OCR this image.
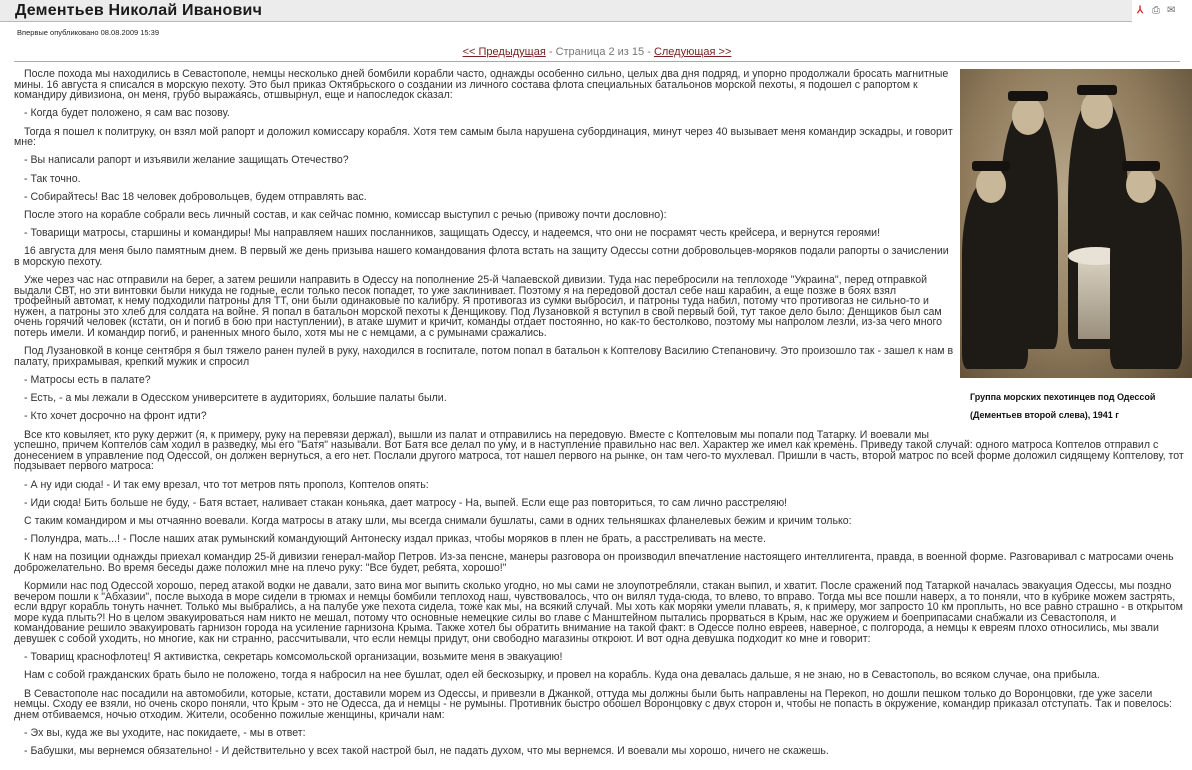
Дементьев Николай Иванович	⅄ ⎙ ✉
Впервые опубликовано 08.08.2009 15:39
<< Предыдущая - Страница 2 из 15 - Следующая >>
Группа морских пехотинцев под Одессой
(Дементьев второй слева), 1941 г

После похода мы находились в Севастополе, немцы несколько дней бомбили корабли часто, однажды особенно сильно, целых два дня подряд, и упорно продолжали бросать магнитные мины. 16 августа я списался в морскую пехоту. Это был приказ Октябрьского о создании из личного состава флота специальных батальонов морской пехоты, я подошел с рапортом к командиру дивизиона, он меня, грубо выражаясь, отшвырнул, еще и напоследок сказал:

- Когда будет положено, я сам вас позову.

Тогда я пошел к политруку, он взял мой рапорт и доложил комиссару корабля. Хотя тем самым была нарушена субординация, минут через 40 вызывает меня командир эскадры, и говорит мне:

- Вы написали рапорт и изъявили желание защищать Отечество?

- Так точно.

- Собирайтесь! Вас 18 человек добровольцев, будем отправлять вас.

После этого на корабле собрали весь личный состав, и как сейчас помню, комиссар выступил с речью (привожу почти дословно):

- Товарищи матросы, старшины и командиры! Мы направляем наших посланников, защищать Одессу, и надеемся, что они не посрамят честь крейсера, и вернутся героями!

16 августа для меня было памятным днем. В первый же день призыва нашего командования флота встать на защиту Одессы сотни добровольцев-моряков подали рапорты о зачислении в морскую пехоту.

Уже через час нас отправили на берег, а затем решили направить в Одессу на пополнение 25-й Чапаевской дивизии. Туда нас перебросили на теплоходе "Украина", перед отправкой выдали СВТ, но эти винтовки были никуда не годные, если только песок попадет, то уже заклинивает. Поэтому я на передовой достал себе наш карабин, а еще позже в боях взял трофейный автомат, к нему подходили патроны для ТТ, они были одинаковые по калибру. Я противогаз из сумки выбросил, и патроны туда набил, потому что противогаз не сильно-то и нужен, а патроны это хлеб для солдата на войне. Я попал в батальон морской пехоты к Денщикову. Под Лузановкой я вступил в свой первый бой, тут такое дело было: Денщиков был сам очень горячий человек (кстати, он и погиб в бою при наступлении), в атаке шумит и кричит, команды отдает постоянно, но как-то бестолково, поэтому мы напролом лезли, из-за чего много потерь имели. И командир погиб, и раненных много было, хотя мы не с немцами, а с румынами сражались.

Под Лузановкой в конце сентября я был тяжело ранен пулей в руку, находился в госпитале, потом попал в батальон к Коптелову Василию Степановичу. Это произошло так - зашел к нам в палату, прихрамывая, крепкий мужик и спросил

- Матросы есть в палате?

- Есть, - а мы лежали в Одесском университете в аудиториях, большие палаты были.

- Кто хочет досрочно на фронт идти?

Все кто ковыляет, кто руку держит (я, к примеру, руку на перевязи держал), вышли из палат и отправились на передовую. Вместе с Коптеловым мы попали под Татарку. И воевали мы успешно, причем Коптелов сам ходил в разведку, мы его "Батя" называли. Вот Батя все делал по уму, и в наступление правильно нас вел. Характер же имел как кремень. Приведу такой случай: одного матроса Коптелов отправил с донесением в управление под Одессой, он должен вернуться, а его нет. Послали другого матроса, тот нашел первого на рынке, он там чего-то мухлевал. Пришли в часть, второй матрос по всей форме доложил сидящему Коптелову, тот подзывает первого матроса:

- А ну иди сюда! - И так ему врезал, что тот метров пять прополз, Коптелов опять:

- Иди сюда! Бить больше не буду, - Батя встает, наливает стакан коньяка, дает матросу - На, выпей. Если еще раз повториться, то сам лично расстреляю!

С таким командиром и мы отчаянно воевали. Когда матросы в атаку шли, мы всегда снимали бушлаты, сами в одних тельняшках фланелевых бежим и кричим только:

- Полундра, мать...! - После наших атак румынский командующий Антонеску издал приказ, чтобы моряков в плен не брать, а расстреливать на месте.

К нам на позиции однажды приехал командир 25-й дивизии генерал-майор Петров. Из-за пенсне, манеры разговора он производил впечатление настоящего интеллигента, правда, в военной форме. Разговаривал с матросами очень доброжелательно. Во время беседы даже положил мне на плечо руку: "Все будет, ребята, хорошо!"

Кормили нас под Одессой хорошо, перед атакой водки не давали, зато вина мог выпить сколько угодно, но мы сами не злоупотребляли, стакан выпил, и хватит. После сражений под Татаркой началась эвакуация Одессы, мы поздно вечером пошли к "Абхазии", после выхода в море сидели в трюмах и немцы бомбили теплоход наш, чувствовалось, что он вилял туда-сюда, то влево, то вправо. Тогда мы все пошли наверх, а то поняли, что в кубрике можем застрять, если вдруг корабль тонуть начнет. Только мы выбрались, а на палубе уже пехота сидела, тоже как мы, на всякий случай. Мы хоть как моряки умели плавать, я, к примеру, мог запросто 10 км проплыть, но все равно страшно - в открытом море куда плыть?! Но в целом эвакуироваться нам никто не мешал, потому что основные немецкие силы во главе с Манштейном пытались прорваться в Крым, нас же оружием и боеприпасами снабжали из Севастополя, и командование решило эвакуировать гарнизон города на усиление гарнизона Крыма. Также хотел бы обратить внимание на такой факт: в Одессе полно евреев, наверное, с полгорода, а немцы к евреям плохо относились, мы звали девушек с собой уходить, но многие, как ни странно, рассчитывали, что если немцы придут, они свободно магазины откроют. И вот одна девушка подходит ко мне и говорит:

- Товарищ краснофлотец! Я активистка, секретарь комсомольской организации, возьмите меня в эвакуацию!

Нам с собой гражданских брать было не положено, тогда я набросил на нее бушлат, одел ей бескозырку, и провел на корабль. Куда она девалась дальше, я не знаю, но в Севастополь, во всяком случае, она прибыла.

В Севастополе нас посадили на автомобили, которые, кстати, доставили морем из Одессы, и привезли в Джанкой, оттуда мы должны были быть направлены на Перекоп, но дошли пешком только до Воронцовки, где уже засели немцы. Сходу ее взяли, но очень скоро поняли, что Крым - это не Одесса, да и немцы - не румыны. Противник быстро обошел Воронцовку с двух сторон и, чтобы не попасть в окружение, командир приказал отступать. Так и повелось: днем отбиваемся, ночью отходим. Жители, особенно пожилые женщины, кричали нам:

- Эх вы, куда же вы уходите, нас покидаете, - мы в ответ:

- Бабушки, мы вернемся обязательно! - И действительно у всех такой настрой был, не падать духом, что мы вернемся. И воевали мы хорошо, ничего не скажешь.
